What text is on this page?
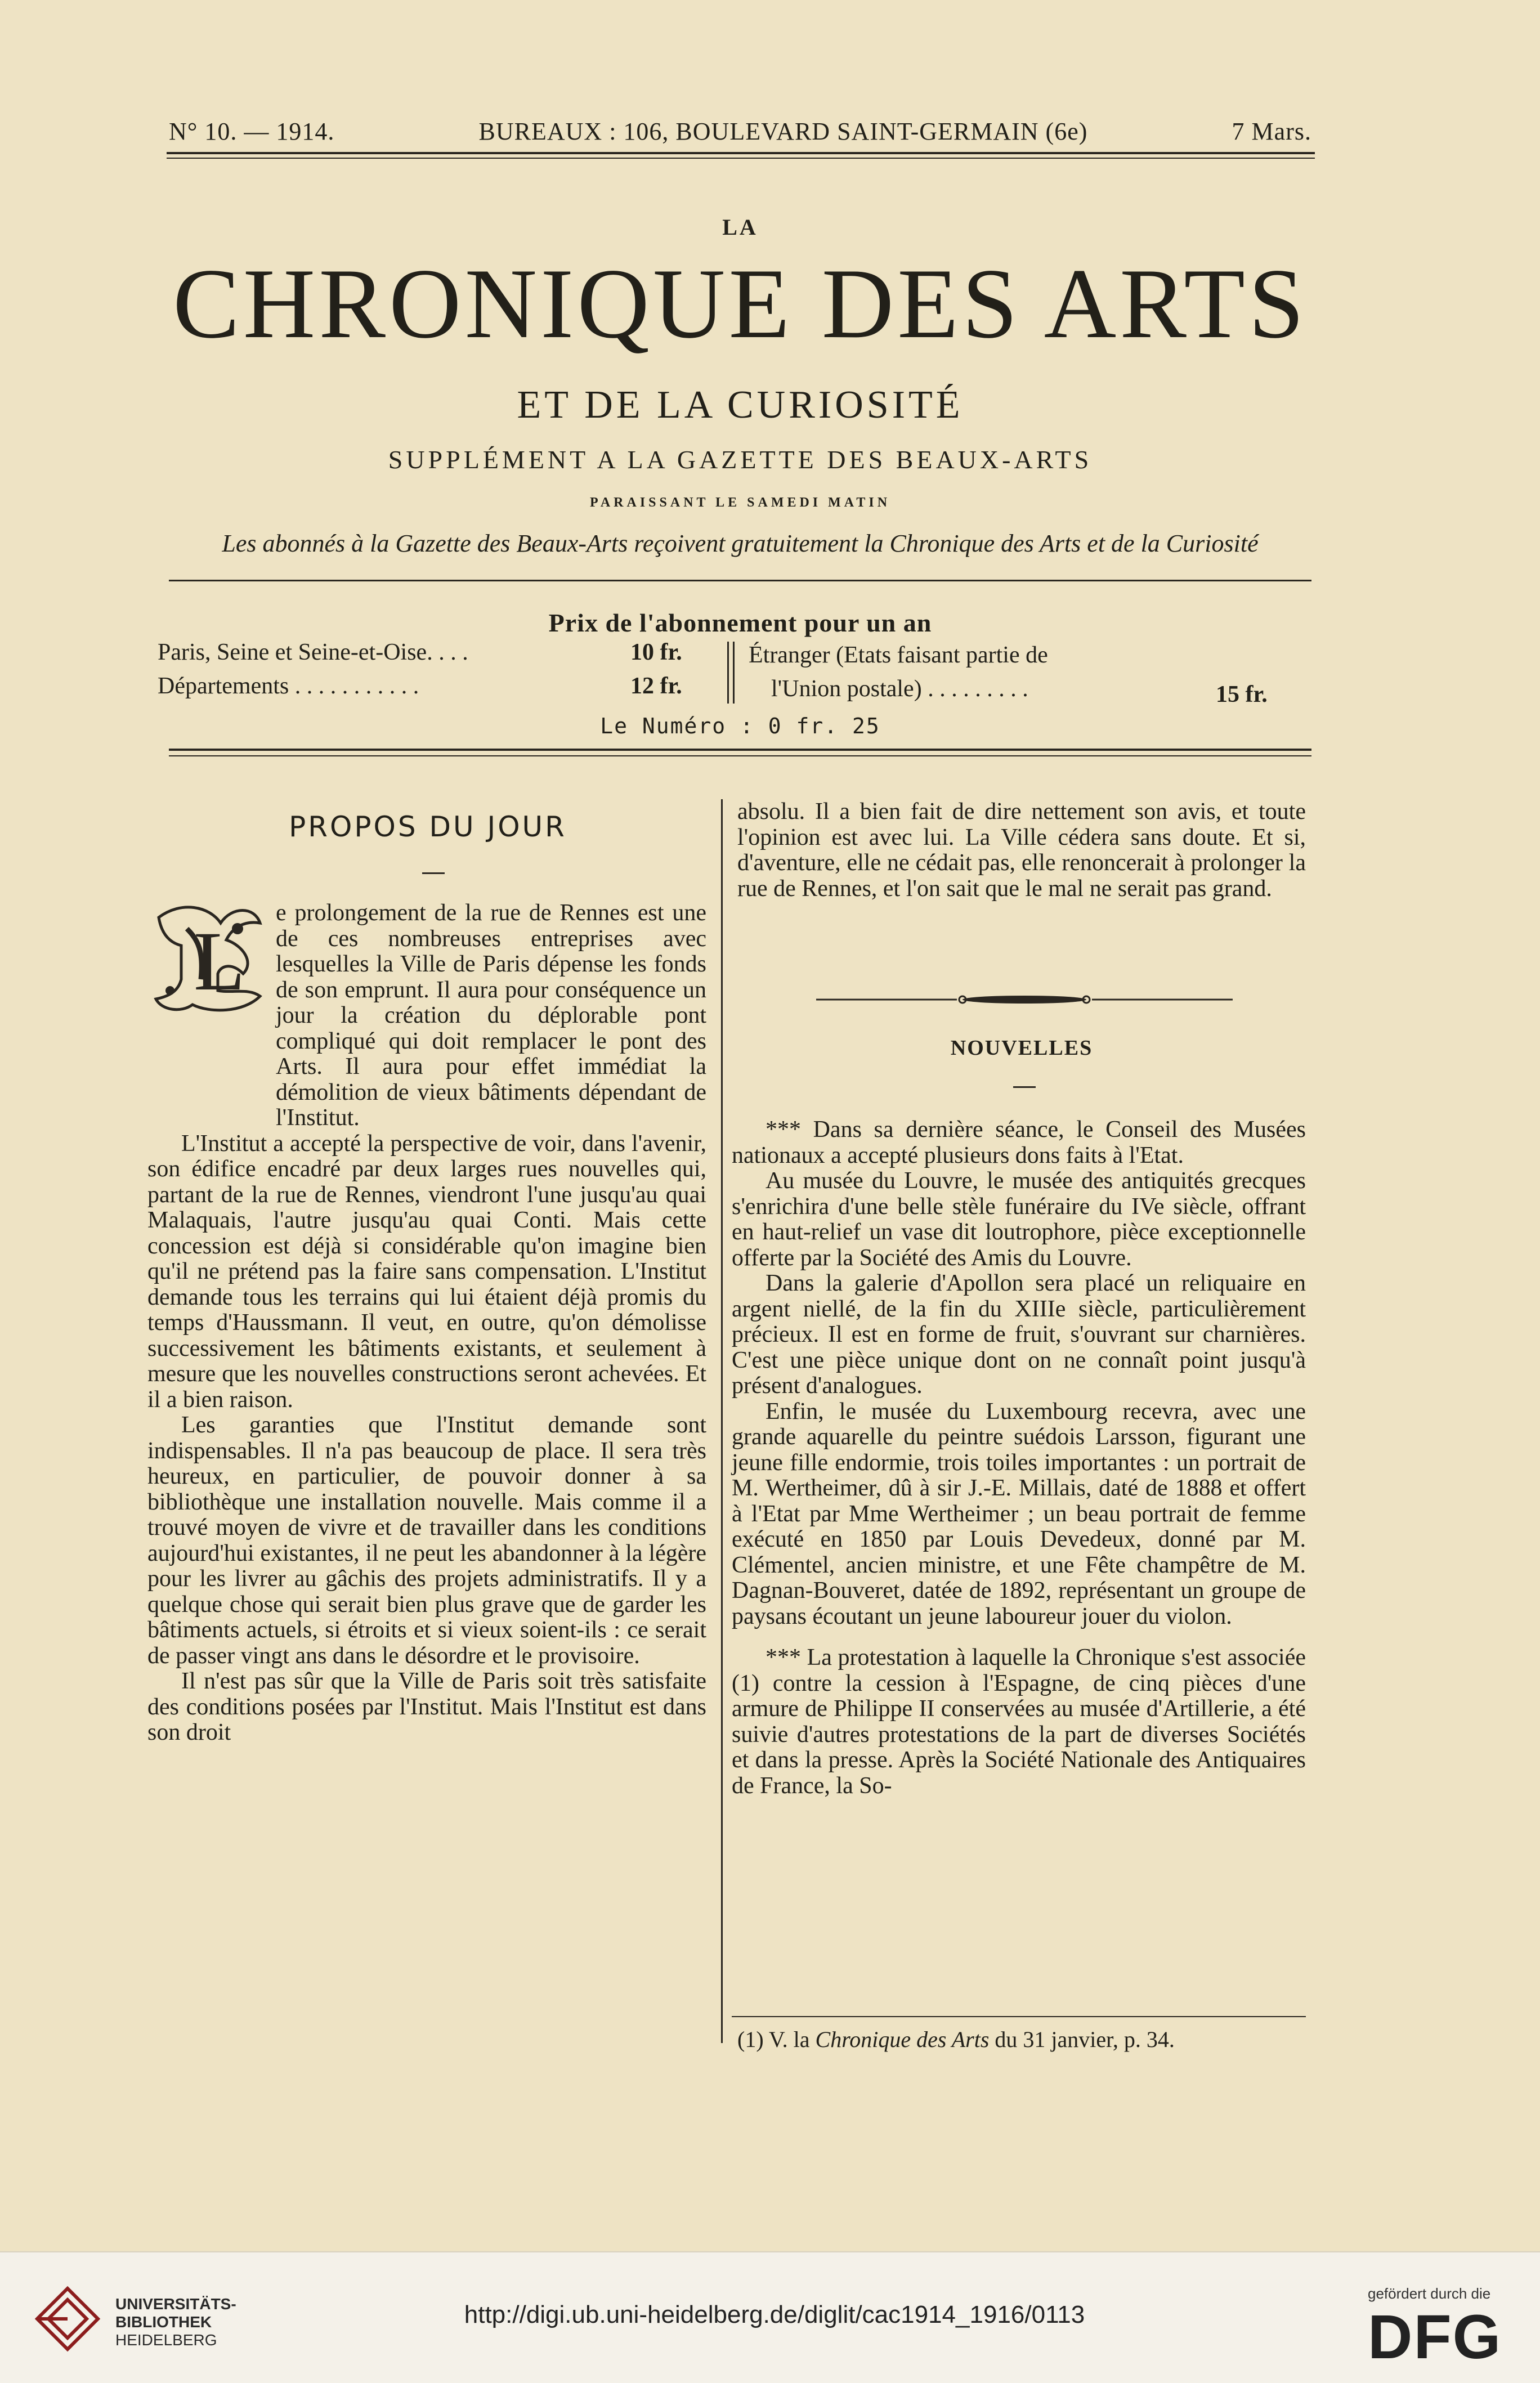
N° 10. — 1914.	BUREAUX : 106, BOULEVARD SAINT-GERMAIN (6e)	7 Mars.
LA
CHRONIQUE DES ARTS
ET DE LA CURIOSITÉ
SUPPLÉMENT A LA GAZETTE DES BEAUX-ARTS
PARAISSANT LE SAMEDI MATIN
Les abonnés à la Gazette des Beaux-Arts reçoivent gratuitement la Chronique des Arts et de la Curiosité
Prix de l'abonnement pour un an
Paris, Seine et Seine-et-Oise. . . .	10 fr.
Départements . . . . . . . . . . .	12 fr.
Étranger (Etats faisant partie de
l'Union postale) . . . . . . . . .	15 fr.
Le Numéro : 0 fr. 25
PROPOS DU JOUR
L

e prolongement de la rue de Rennes est une de ces nombreuses entreprises avec lesquelles la Ville de Paris dépense les fonds de son emprunt. Il aura pour conséquence un jour la création du déplorable pont compliqué qui doit remplacer le pont des Arts. Il aura pour effet immédiat la démolition de vieux bâtiments dépendant de l'Institut.

L'Institut a accepté la perspective de voir, dans l'avenir, son édifice encadré par deux larges rues nouvelles qui, partant de la rue de Rennes, viendront l'une jusqu'au quai Malaquais, l'autre jusqu'au quai Conti. Mais cette concession est déjà si considérable qu'on imagine bien qu'il ne prétend pas la faire sans compensation. L'Institut demande tous les terrains qui lui étaient déjà promis du temps d'Haussmann. Il veut, en outre, qu'on démolisse successivement les bâtiments existants, et seulement à mesure que les nouvelles constructions seront achevées. Et il a bien raison.

Les garanties que l'Institut demande sont indispensables. Il n'a pas beaucoup de place. Il sera très heureux, en particulier, de pouvoir donner à sa bibliothèque une installation nouvelle. Mais comme il a trouvé moyen de vivre et de travailler dans les conditions aujourd'hui existantes, il ne peut les abandonner à la légère pour les livrer au gâchis des projets administratifs. Il y a quelque chose qui serait bien plus grave que de garder les bâtiments actuels, si étroits et si vieux soient-ils : ce serait de passer vingt ans dans le désordre et le provisoire.

Il n'est pas sûr que la Ville de Paris soit très satisfaite des conditions posées par l'Institut. Mais l'Institut est dans son droit

absolu. Il a bien fait de dire nettement son avis, et toute l'opinion est avec lui. La Ville cédera sans doute. Et si, d'aventure, elle ne cédait pas, elle renoncerait à prolonger la rue de Rennes, et l'on sait que le mal ne serait pas grand.

NOUVELLES

*** Dans sa dernière séance, le Conseil des Musées nationaux a accepté plusieurs dons faits à l'Etat.

Au musée du Louvre, le musée des antiquités grecques s'enrichira d'une belle stèle funéraire du IVe siècle, offrant en haut-relief un vase dit loutrophore, pièce exceptionnelle offerte par la Société des Amis du Louvre.

Dans la galerie d'Apollon sera placé un reliquaire en argent niellé, de la fin du XIIIe siècle, particulièrement précieux. Il est en forme de fruit, s'ouvrant sur charnières. C'est une pièce unique dont on ne connaît point jusqu'à présent d'analogues.

Enfin, le musée du Luxembourg recevra, avec une grande aquarelle du peintre suédois Larsson, figurant une jeune fille endormie, trois toiles importantes : un portrait de M. Wertheimer, dû à sir J.-E. Millais, daté de 1888 et offert à l'Etat par Mme Wertheimer ; un beau portrait de femme exécuté en 1850 par Louis Devedeux, donné par M. Clémentel, ancien ministre, et une Fête champêtre de M. Dagnan-Bouveret, datée de 1892, représentant un groupe de paysans écoutant un jeune laboureur jouer du violon.

*** La protestation à laquelle la Chronique s'est associée (1) contre la cession à l'Espagne, de cinq pièces d'une armure de Philippe II conservées au musée d'Artillerie, a été suivie d'autres protestations de la part de diverses Sociétés et dans la presse. Après la Société Nationale des Antiquaires de France, la So-

(1) V. la Chronique des Arts du 31 janvier, p. 34.
UNIVERSITÄTS-
BIBLIOTHEK
HEIDELBERG
http://digi.ub.uni-heidelberg.de/diglit/cac1914_1916/0113
gefördert durch die
DFG
